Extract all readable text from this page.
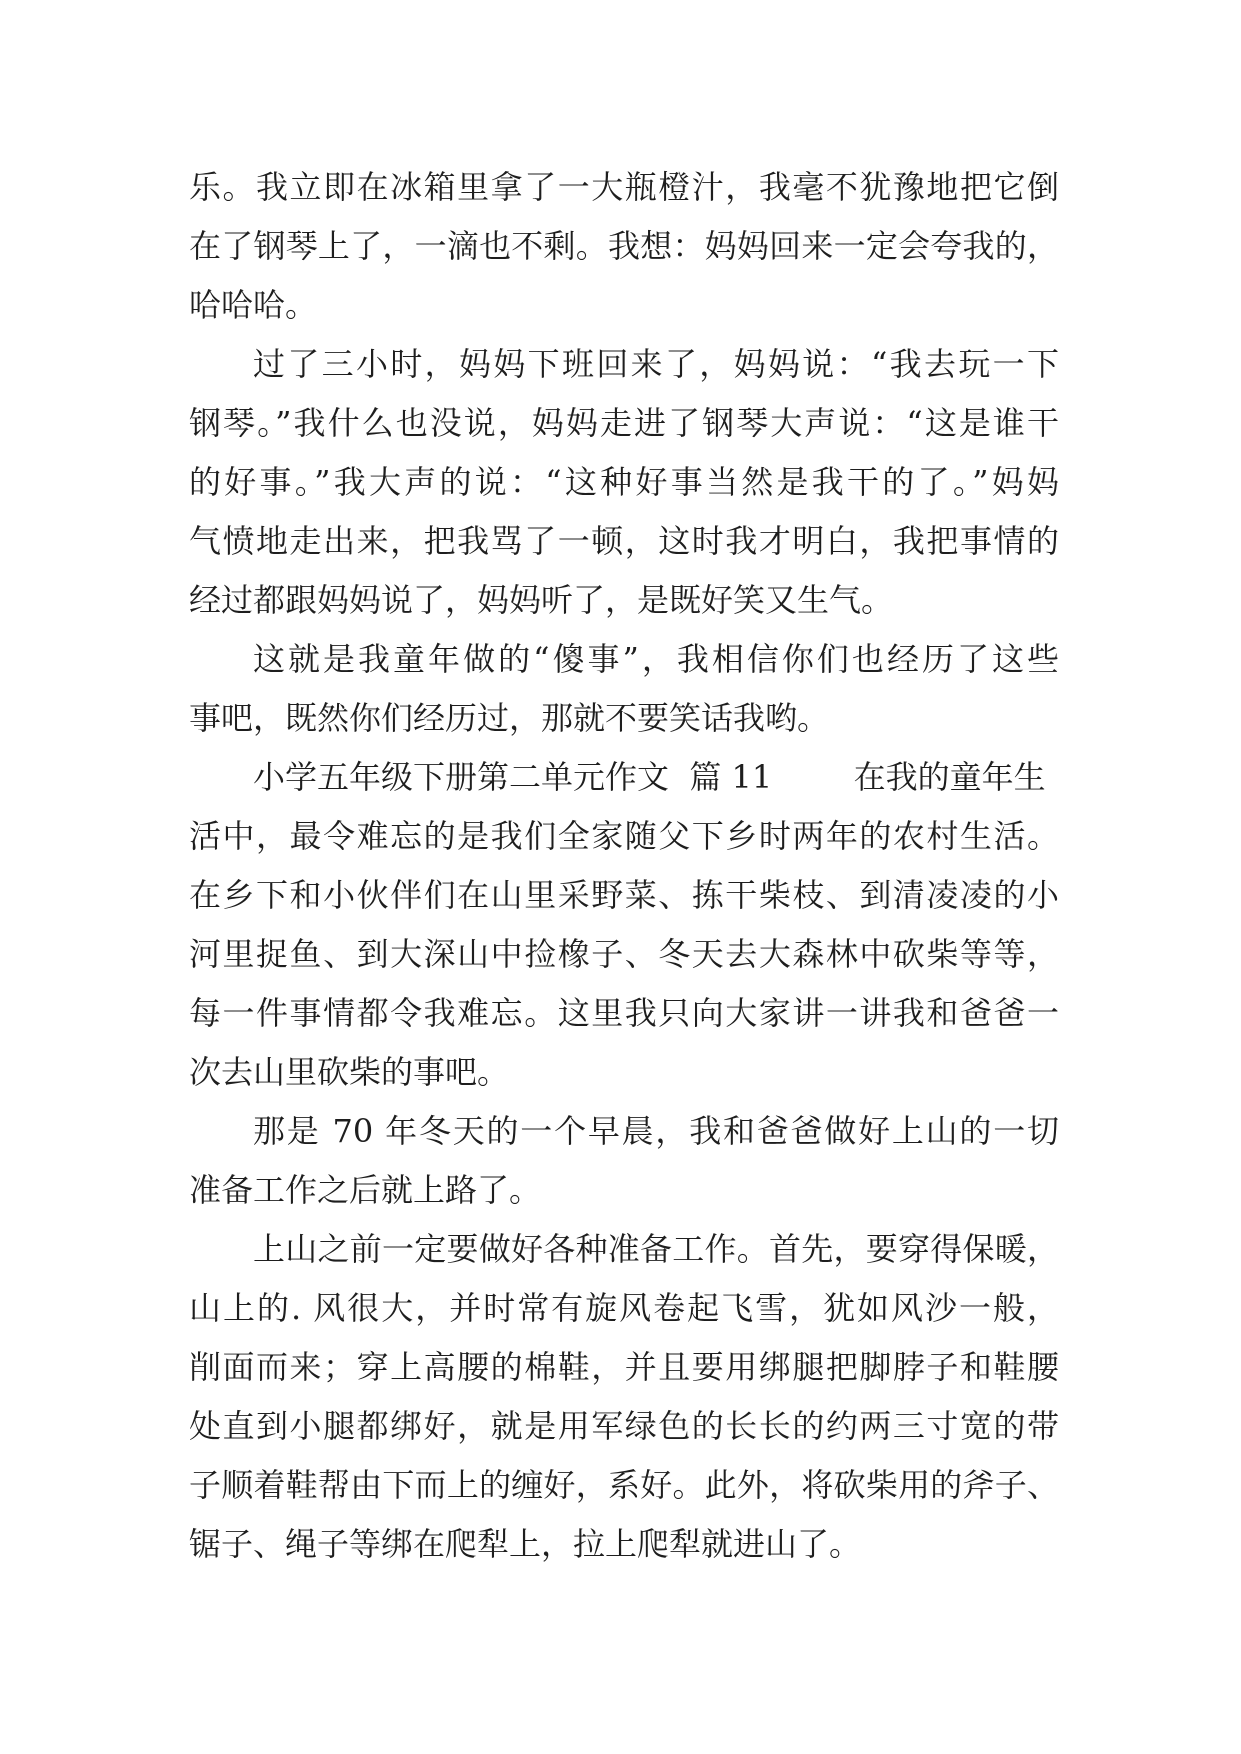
乐。我立即在冰箱里拿了一大瓶橙汁，我毫不犹豫地把它倒
在了钢琴上了，一滴也不剩。我想：妈妈回来一定会夸我的，
哈哈哈。
过了三小时，妈妈下班回来了，妈妈说：“我去玩一下
钢琴。”我什么也没说，妈妈走进了钢琴大声说：“这是谁干
的好事。”我大声的说：“这种好事当然是我干的了。”妈妈
气愤地走出来，把我骂了一顿，这时我才明白，我把事情的
经过都跟妈妈说了，妈妈听了，是既好笑又生气。
这就是我童年做的“傻事”，我相信你们也经历了这些
事吧，既然你们经历过，那就不要笑话我哟。
小学五年级下册第二单元作文  篇 11        在我的童年生
活中，最令难忘的是我们全家随父下乡时两年的农村生活。
在乡下和小伙伴们在山里采野菜、拣干柴枝、到清凌凌的小
河里捉鱼、到大深山中捡橡子、冬天去大森林中砍柴等等，
每一件事情都令我难忘。这里我只向大家讲一讲我和爸爸一
次去山里砍柴的事吧。
那是 70 年冬天的一个早晨，我和爸爸做好上山的一切
准备工作之后就上路了。
上山之前一定要做好各种准备工作。首先，要穿得保暖，
山上的. 风很大，并时常有旋风卷起飞雪，犹如风沙一般，
削面而来；穿上高腰的棉鞋，并且要用绑腿把脚脖子和鞋腰
处直到小腿都绑好，就是用军绿色的长长的约两三寸宽的带
子顺着鞋帮由下而上的缠好，系好。此外，将砍柴用的斧子、
锯子、绳子等绑在爬犁上，拉上爬犁就进山了。
